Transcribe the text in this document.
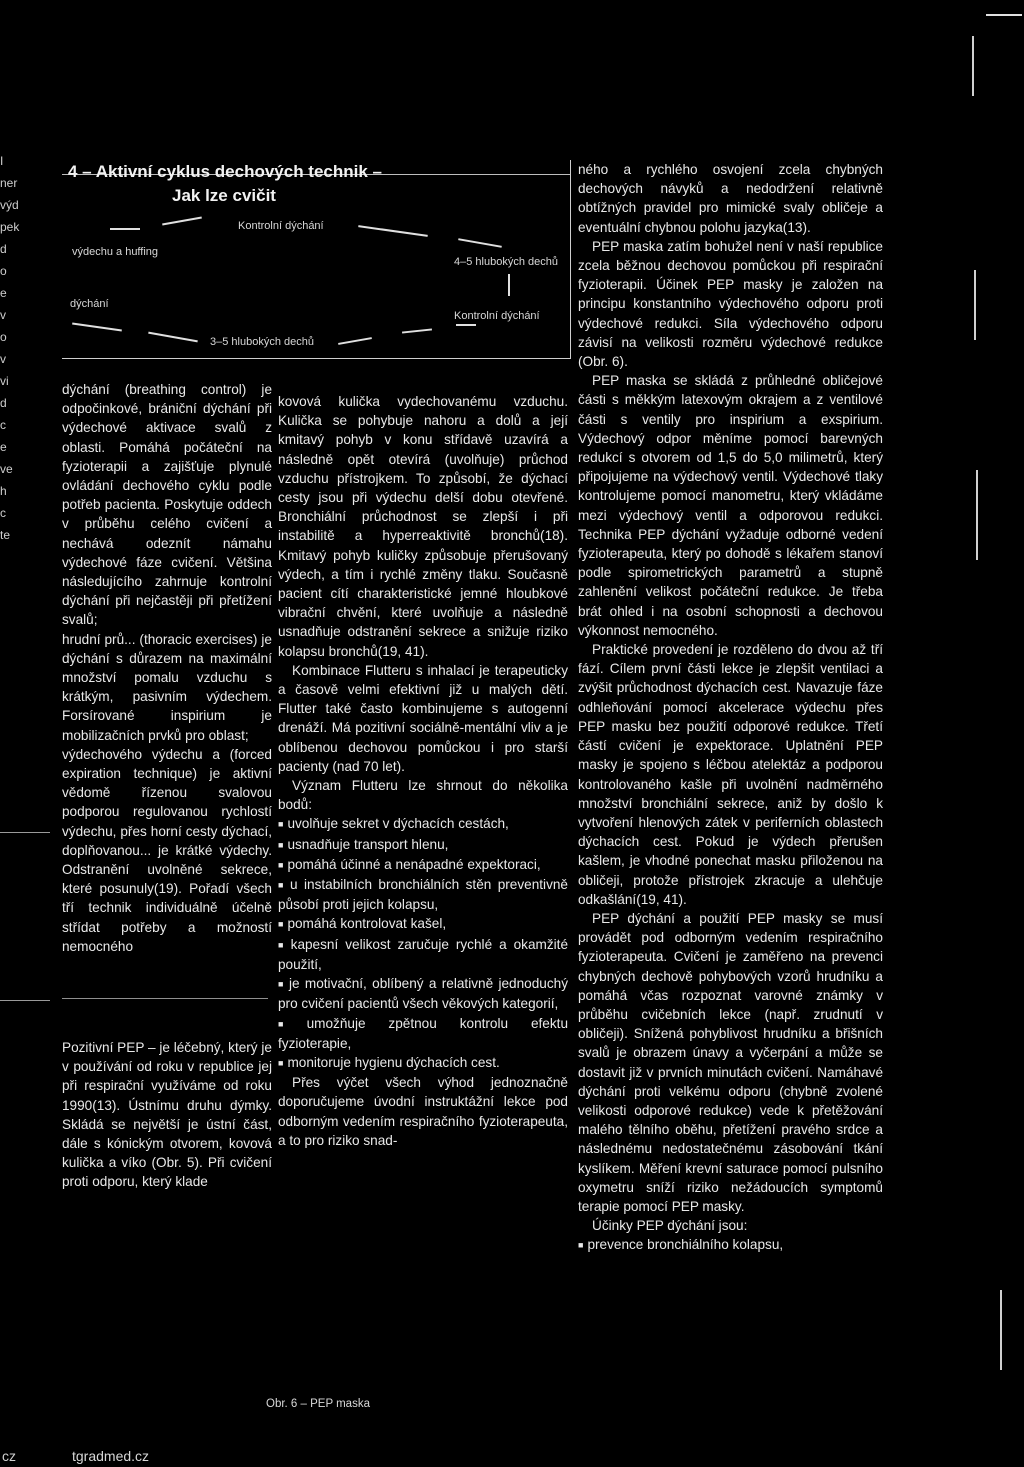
I
ner
výd
pek
d
o
e
v
o
v
vi
d
c
e
ve
h
c
te
4 – Aktivní cyklus dechových technik –
Jak lze cvičit
Kontrolní dýchání
výdechu a huffing
4–5 hlubokých dechů
dýchání
Kontrolní dýchání
3–5 hlubokých dechů

dýchání (breathing control) je odpočinkové, brániční dýchání při výdechové aktivace svalů z oblasti. Pomáhá počáteční na fyzioterapii a zajišťuje plynulé ovládání dechového cyklu podle potřeb pacienta. Poskytuje oddech v průběhu celého cvičení a nechává odeznít námahu výdechové fáze cvičení. Většina následujícího zahrnuje kontrolní dýchání při nejčastěji při přetížení svalů;

hrudní prů... (thoracic exercises) je dýchání s důrazem na maximální množství pomalu vzduchu s krátkým, pasivním výdechem. Forsírované inspirium je mobilizačních prvků pro oblast;

výdechového výdechu a (forced expiration technique) je aktivní vědomě řízenou svalovou podporou regulovanou rychlostí výdechu, přes horní cesty dýchací, doplňovanou... je krátké výdechy. Odstranění uvolněné sekrece, které posunuly(19). Pořadí všech tří technik individuálně účelně střídat potřeby a možností nemocného

Pozitivní PEP – je léčebný, který je v používání od roku v republice jej při respirační využíváme od roku 1990(13). Ústnímu druhu dýmky. Skládá se největší je ústní část, dále s kónickým otvorem, kovová kulička a víko (Obr. 5). Při cvičení proti odporu, který klade

kovová kulička vydechovanému vzduchu. Kulička se pohybuje nahoru a dolů a její kmitavý pohyb v konu střídavě uzavírá a následně opět otevírá (uvolňuje) průchod vzduchu přístrojkem. To způsobí, že dýchací cesty jsou při výdechu delší dobu otevřené. Bronchiální průchodnost se zlepší i při instabilitě a hyperreaktivitě bronchů(18). Kmitavý pohyb kuličky způsobuje přerušovaný výdech, a tím i rychlé změny tlaku. Současně pacient cítí charakteristické jemné hloubkové vibrační chvění, které uvolňuje a následně usnadňuje odstranění sekrece a snižuje riziko kolapsu bronchů(19, 41).

Kombinace Flutteru s inhalací je terapeuticky a časově velmi efektivní již u malých dětí. Flutter také často kombinujeme s autogenní drenáží. Má pozitivní sociálně-mentální vliv a je oblíbenou dechovou pomůckou i pro starší pacienty (nad 70 let).

Význam Flutteru lze shrnout do několika bodů:

■ uvolňuje sekret v dýchacích cestách,
■ usnadňuje transport hlenu,
■ pomáhá účinné a nenápadné expektoraci,
■ u instabilních bronchiálních stěn preventivně působí proti jejich kolapsu,
■ pomáhá kontrolovat kašel,
■ kapesní velikost zaručuje rychlé a okamžité použití,
■ je motivační, oblíbený a relativně jednoduchý pro cvičení pacientů všech věkových kategorií,
■ umožňuje zpětnou kontrolu efektu fyzioterapie,
■ monitoruje hygienu dýchacích cest.

Přes výčet všech výhod jednoznačně doporučujeme úvodní instruktážní lekce pod odborným vedením respiračního fyzioterapeuta, a to pro riziko snad-

ného a rychlého osvojení zcela chybných dechových návyků a nedodržení relativně obtížných pravidel pro mimické svaly obličeje a eventuální chybnou polohu jazyka(13).

PEP maska zatím bohužel není v naší republice zcela běžnou dechovou pomůckou při respirační fyzioterapii. Účinek PEP masky je založen na principu konstantního výdechového odporu proti výdechové redukci. Síla výdechového odporu závisí na velikosti rozměru výdechové redukce (Obr. 6).

PEP maska se skládá z průhledné obličejové části s měkkým latexovým okrajem a z ventilové části s ventily pro inspirium a exspirium. Výdechový odpor měníme pomocí barevných redukcí s otvorem od 1,5 do 5,0 milimetrů, který připojujeme na výdechový ventil. Výdechové tlaky kontrolujeme pomocí manometru, který vkládáme mezi výdechový ventil a odporovou redukci. Technika PEP dýchání vyžaduje odborné vedení fyzioterapeuta, který po dohodě s lékařem stanoví podle spirometrických parametrů a stupně zahlenění velikost počáteční redukce. Je třeba brát ohled i na osobní schopnosti a dechovou výkonnost nemocného.

Praktické provedení je rozděleno do dvou až tří fází. Cílem první části lekce je zlepšit ventilaci a zvýšit průchodnost dýchacích cest. Navazuje fáze odhleňování pomocí akcelerace výdechu přes PEP masku bez použití odporové redukce. Třetí částí cvičení je expektorace. Uplatnění PEP masky je spojeno s léčbou atelektáz a podporou kontrolovaného kašle při uvolnění nadměrného množství bronchiální sekrece, aniž by došlo k vytvoření hlenových zátek v periferních oblastech dýchacích cest. Pokud je výdech přerušen kašlem, je vhodné ponechat masku přiloženou na obličeji, protože přístrojek zkracuje a ulehčuje odkašlání(19, 41).

PEP dýchání a použití PEP masky se musí provádět pod odborným vedením respiračního fyzioterapeuta. Cvičení je zaměřeno na prevenci chybných dechově pohybových vzorů hrudníku a pomáhá včas rozpoznat varovné známky v průběhu cvičebních lekce (např. zrudnutí v obličeji). Snížená pohyblivost hrudníku a břišních svalů je obrazem únavy a vyčerpání a může se dostavit již v prvních minutách cvičení. Namáhavé dýchání proti velkému odporu (chybně zvolené velikosti odporové redukce) vede k přetěžování malého tělního oběhu, přetížení pravého srdce a následnému nedostatečnému zásobování tkání kyslíkem. Měření krevní saturace pomocí pulsního oxymetru sníží riziko nežádoucích symptomů terapie pomocí PEP masky.

Účinky PEP dýchání jsou:

■ prevence bronchiálního kolapsu,
Obr. 6 – PEP maska
cz	tgradmed.cz
